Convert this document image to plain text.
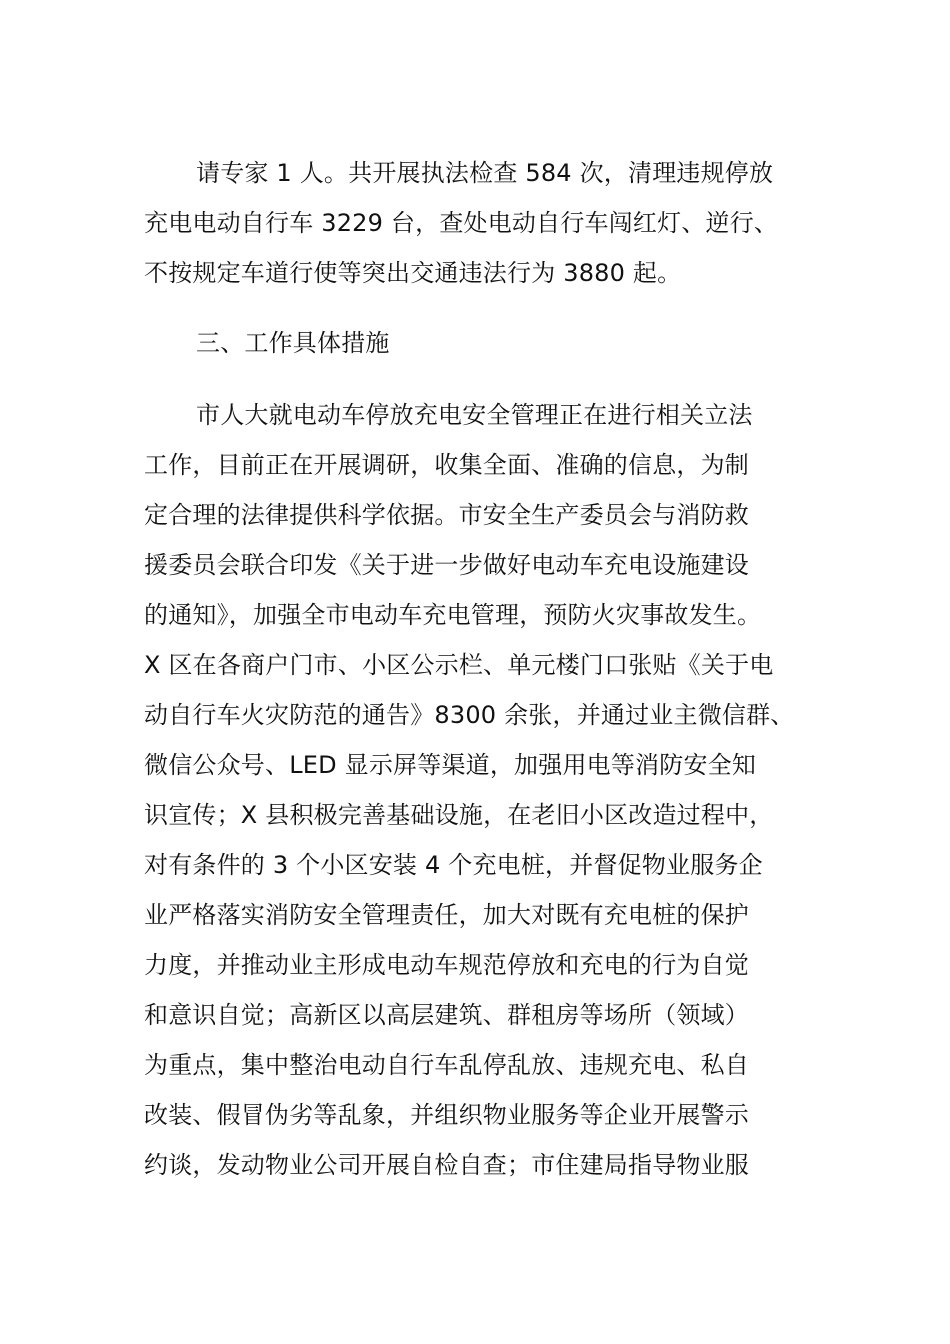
请专家 1 人。共开展执法检查 584 次，清理违规停放
充电电动自行车 3229 台，查处电动自行车闯红灯、逆行、
不按规定车道行使等突出交通违法行为 3880 起。
三、工作具体措施
市人大就电动车停放充电安全管理正在进行相关立法
工作，目前正在开展调研，收集全面、准确的信息，为制
定合理的法律提供科学依据。市安全生产委员会与消防救
援委员会联合印发《关于进一步做好电动车充电设施建设
的通知》，加强全市电动车充电管理，预防火灾事故发生。
X 区在各商户门市、小区公示栏、单元楼门口张贴《关于电
动自行车火灾防范的通告》8300 余张，并通过业主微信群、
微信公众号、LED 显示屏等渠道，加强用电等消防安全知
识宣传；X 县积极完善基础设施，在老旧小区改造过程中，
对有条件的 3 个小区安装 4 个充电桩，并督促物业服务企
业严格落实消防安全管理责任，加大对既有充电桩的保护
力度，并推动业主形成电动车规范停放和充电的行为自觉
和意识自觉；高新区以高层建筑、群租房等场所（领域）
为重点，集中整治电动自行车乱停乱放、违规充电、私自
改装、假冒伪劣等乱象，并组织物业服务等企业开展警示
约谈，发动物业公司开展自检自查；市住建局指导物业服
